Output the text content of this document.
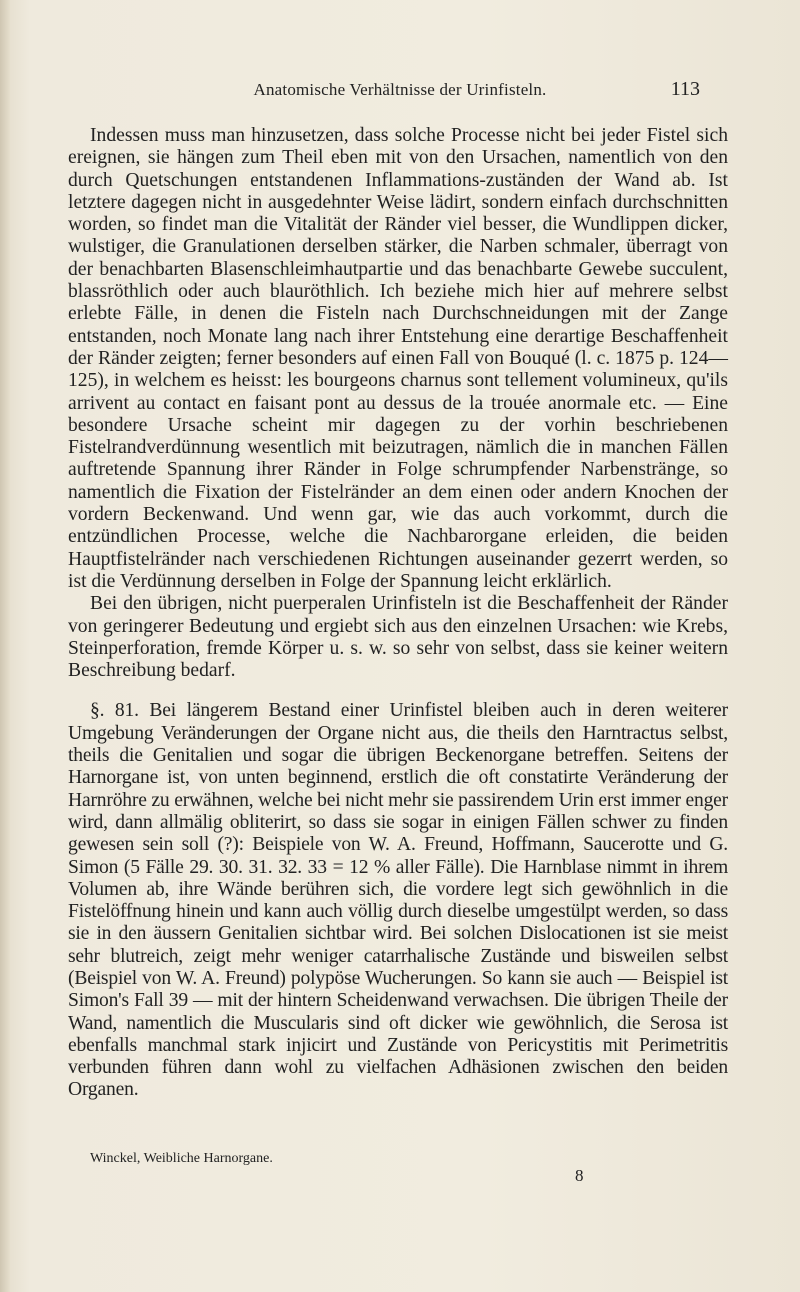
Anatomische Verhältnisse der Urinfisteln.	113

Indessen muss man hinzusetzen, dass solche Processe nicht bei jeder Fistel sich ereignen, sie hängen zum Theil eben mit von den Ursachen, namentlich von den durch Quetschungen entstandenen Inflammations-zuständen der Wand ab. Ist letztere dagegen nicht in ausgedehnter Weise lädirt, sondern einfach durchschnitten worden, so findet man die Vitalität der Ränder viel besser, die Wundlippen dicker, wulstiger, die Granulationen derselben stärker, die Narben schmaler, überragt von der benachbarten Blasenschleimhautpartie und das benachbarte Gewebe succulent, blassröthlich oder auch blauröthlich. Ich beziehe mich hier auf mehrere selbst erlebte Fälle, in denen die Fisteln nach Durchschneidungen mit der Zange entstanden, noch Monate lang nach ihrer Entstehung eine derartige Beschaffenheit der Ränder zeigten; ferner besonders auf einen Fall von Bouqué (l. c. 1875 p. 124—125), in welchem es heisst: les bourgeons charnus sont tellement volumineux, qu'ils arrivent au contact en faisant pont au dessus de la trouée anormale etc. — Eine besondere Ursache scheint mir dagegen zu der vorhin beschriebenen Fistelrandverdünnung wesentlich mit beizutragen, nämlich die in manchen Fällen auftretende Spannung ihrer Ränder in Folge schrumpfender Narbenstränge, so namentlich die Fixation der Fistelränder an dem einen oder andern Knochen der vordern Beckenwand. Und wenn gar, wie das auch vorkommt, durch die entzündlichen Processe, welche die Nachbarorgane erleiden, die beiden Hauptfistelränder nach verschiedenen Richtungen auseinander gezerrt werden, so ist die Verdünnung derselben in Folge der Spannung leicht erklärlich.

Bei den übrigen, nicht puerperalen Urinfisteln ist die Beschaffenheit der Ränder von geringerer Bedeutung und ergiebt sich aus den einzelnen Ursachen: wie Krebs, Steinperforation, fremde Körper u. s. w. so sehr von selbst, dass sie keiner weitern Beschreibung bedarf.

§. 81. Bei längerem Bestand einer Urinfistel bleiben auch in deren weiterer Umgebung Veränderungen der Organe nicht aus, die theils den Harntractus selbst, theils die Genitalien und sogar die übrigen Beckenorgane betreffen. Seitens der Harnorgane ist, von unten beginnend, erstlich die oft constatirte Veränderung der Harnröhre zu erwähnen, welche bei nicht mehr sie passirendem Urin erst immer enger wird, dann allmälig obliterirt, so dass sie sogar in einigen Fällen schwer zu finden gewesen sein soll (?): Beispiele von W. A. Freund, Hoffmann, Saucerotte und G. Simon (5 Fälle 29. 30. 31. 32. 33 = 12 % aller Fälle). Die Harnblase nimmt in ihrem Volumen ab, ihre Wände berühren sich, die vordere legt sich gewöhnlich in die Fistelöffnung hinein und kann auch völlig durch dieselbe umgestülpt werden, so dass sie in den äussern Genitalien sichtbar wird. Bei solchen Dislocationen ist sie meist sehr blutreich, zeigt mehr weniger catarrhalische Zustände und bisweilen selbst (Beispiel von W. A. Freund) polypöse Wucherungen. So kann sie auch — Beispiel ist Simon's Fall 39 — mit der hintern Scheidenwand verwachsen. Die übrigen Theile der Wand, namentlich die Muscularis sind oft dicker wie gewöhnlich, die Serosa ist ebenfalls manchmal stark injicirt und Zustände von Pericystitis mit Perimetritis verbunden führen dann wohl zu vielfachen Adhäsionen zwischen den beiden Organen.

Winckel, Weibliche Harnorgane.
8
